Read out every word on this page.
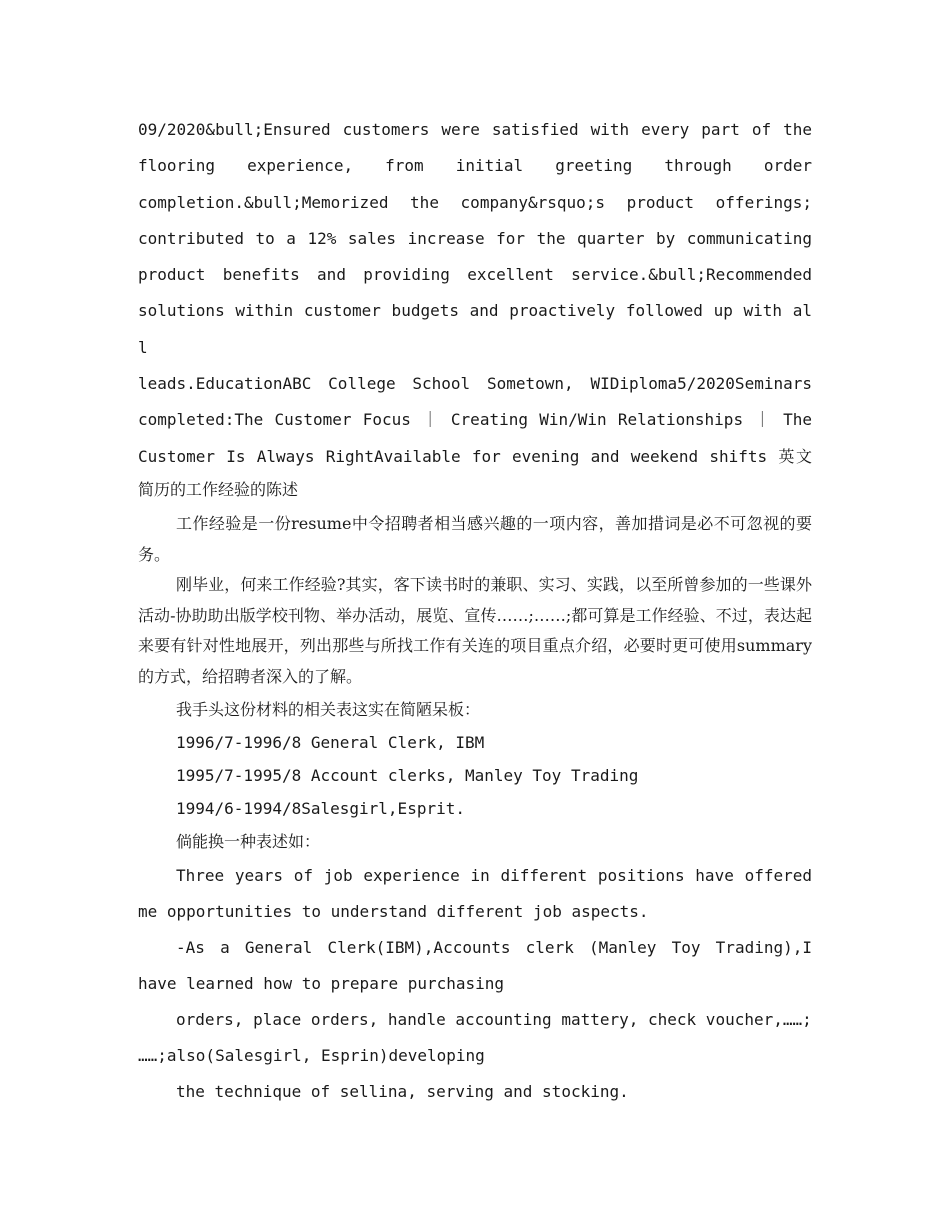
09/2020&bull;Ensured customers were satisfied with every part of the

flooring experience, from initial greeting through order

completion.&bull;Memorized the company&rsquo;s product offerings;

contributed to a 12% sales increase for the quarter by communicating

product benefits and providing excellent service.&bull;Recommended

solutions within customer budgets and proactively followed up with all

leads.EducationABC College School Sometown, WIDiploma5/2020Seminars

completed:The Customer Focus ｜ Creating Win/Win Relationships ｜ The

Customer Is Always RightAvailable for evening and weekend shifts 英文

简历的工作经验的陈述

工作经验是一份resume中令招聘者相当感兴趣的一项内容，善加措词是必不可忽视的要务。

刚毕业，何来工作经验?其实，客下读书时的兼职、实习、实践，以至所曾参加的一些课外活动-协助助出版学校刊物、举办活动，展览、宣传……;……;都可算是工作经验、不过，表达起来要有针对性地展开，列出那些与所找工作有关连的项目重点介绍，必要时更可使用summary的方式，给招聘者深入的了解。

我手头这份材料的相关表这实在简陋呆板：

1996/7-1996/8 General Clerk, IBM

1995/7-1995/8 Account clerks, Manley Toy Trading

1994/6-1994/8Salesgirl,Esprit.

倘能换一种表述如：

Three years of job experience in different positions have offered me opportunities to understand different job aspects.

-As a General Clerk(IBM),Accounts clerk (Manley Toy Trading),I have learned how to prepare purchasing

orders, place orders, handle accounting mattery, check voucher,……;

……;also(Salesgirl, Esprin)developing

the technique of sellina, serving and stocking.
